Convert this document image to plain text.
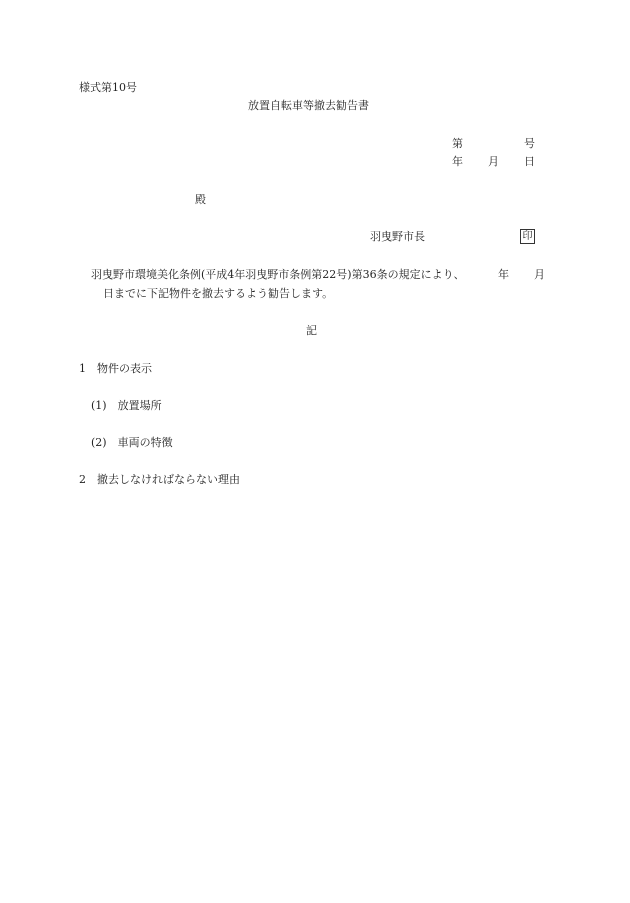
様式第10号
放置自転車等撤去勧告書
第	号
年 月 日
殿
羽曳野市長	印
羽曳野市環境美化条例(平成4年羽曳野市条例第22号)第36条の規定により、	年 月
日までに下記物件を撤去するよう勧告します。
記
1　物件の表示
(1)　放置場所
(2)　車両の特徴
2　撤去しなければならない理由
